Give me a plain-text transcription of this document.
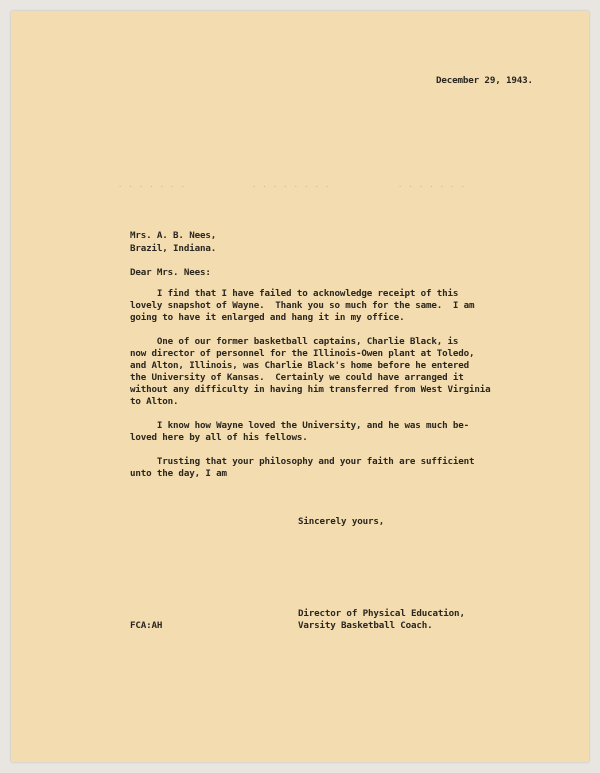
· · · · · · ·	· · · · · · · ·	· · · · · · ·

December 29, 1943.

Mrs. A. B. Nees,

Brazil, Indiana.

Dear Mrs. Nees:

I find that I have failed to acknowledge receipt of this

lovely snapshot of Wayne.  Thank you so much for the same.  I am

going to have it enlarged and hang it in my office.

One of our former basketball captains, Charlie Black, is

now director of personnel for the Illinois-Owen plant at Toledo,

and Alton, Illinois, was Charlie Black's home before he entered

the University of Kansas.  Certainly we could have arranged it

without any difficulty in having him transferred from West Virginia

to Alton.

I know how Wayne loved the University, and he was much be-

loved here by all of his fellows.

Trusting that your philosophy and your faith are sufficient

unto the day, I am

Sincerely yours,

Director of Physical Education,

Varsity Basketball Coach.

FCA:AH
